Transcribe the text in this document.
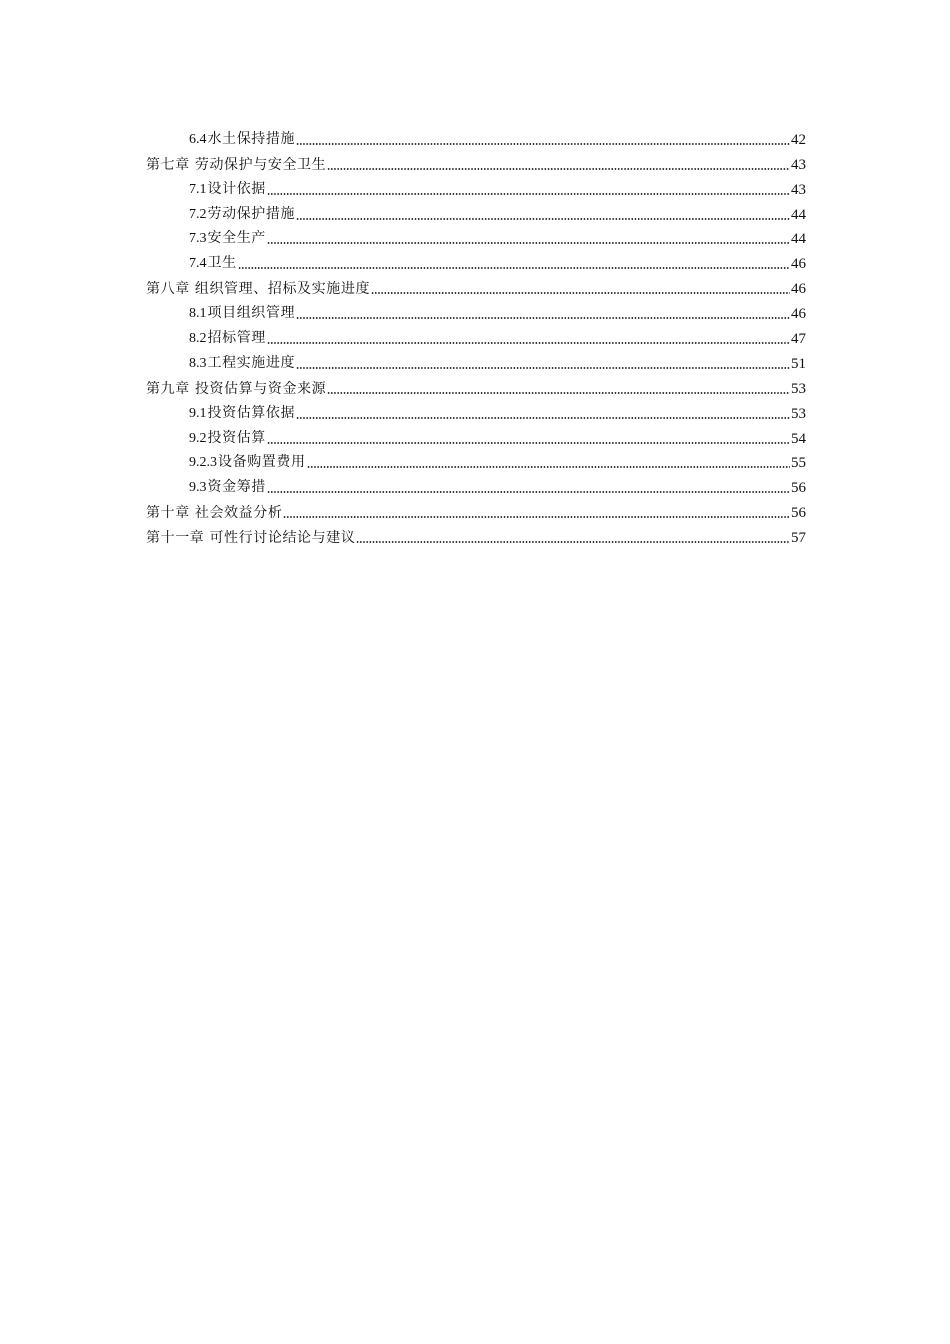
6.4水土保持措施	42
第七章 劳动保护与安全卫生	43
7.1设计依据	43
7.2劳动保护措施	44
7.3安全生产	44
7.4卫生	46
第八章 组织管理、招标及实施进度	46
8.1项目组织管理	46
8.2招标管理	47
8.3工程实施进度	51
第九章 投资估算与资金来源	53
9.1投资估算依据	53
9.2投资估算	54
9.2.3设备购置费用	55
9.3资金筹措	56
第十章 社会效益分析	56
第十一章 可性行讨论结论与建议	57
